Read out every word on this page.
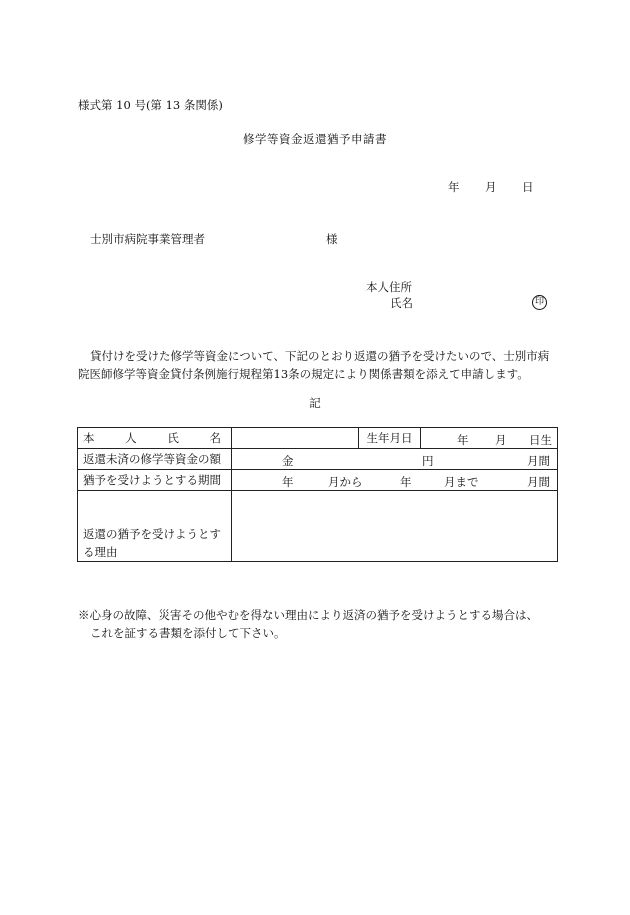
様式第 10 号(第 13 条関係)
修学等資金返還猶予申請書
年 月 日
士別市病院事業管理者	様
本人住所
氏名	印
貸付けを受けた修学等資金について、下記のとおり返還の猶予を受けたいので、士別市病院医師修学等資金貸付条例施行規程第13条の規定により関係書類を添えて申請します。
記
本 人 氏 名		生年月日	年 月 日生

返還未済の修学等資金の額	金 円 月間		

猶予を受けようとする期間	年 月から 年 月まで 月間		

返還の猶予を受けようとする理由			

※心身の故障、災害その他やむを得ない理由により返済の猶予を受けようとする場合は、
これを証する書類を添付して下さい。
